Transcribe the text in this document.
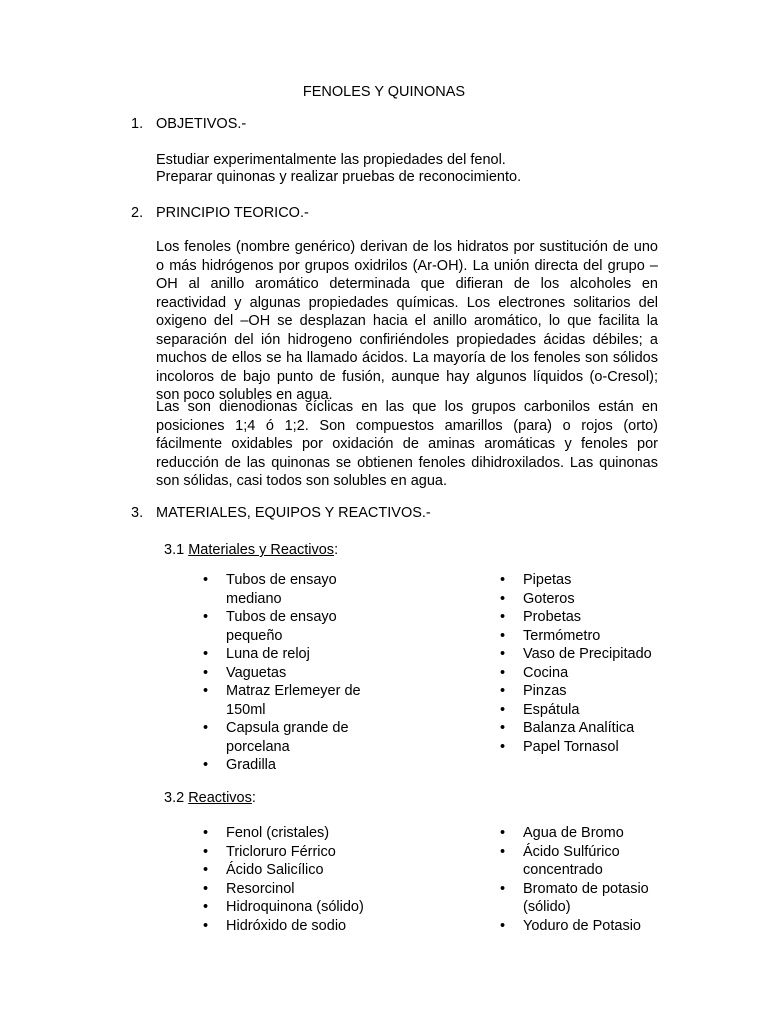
FENOLES Y QUINONAS
1. OBJETIVOS.-
Estudiar experimentalmente las propiedades del fenol.
Preparar quinonas y realizar pruebas de reconocimiento.
2. PRINCIPIO TEORICO.-
Los fenoles (nombre genérico) derivan de los hidratos por sustitución de uno o más hidrógenos por grupos oxidrilos (Ar-OH). La unión directa del grupo –OH al anillo aromático determinada que difieran de los alcoholes en reactividad y algunas propiedades químicas. Los electrones solitarios del oxigeno del –OH se desplazan hacia el anillo aromático, lo que facilita la separación del ión hidrogeno confiriéndoles propiedades ácidas débiles; a muchos de ellos se ha llamado ácidos. La mayoría de los fenoles son sólidos incoloros de bajo punto de fusión, aunque hay algunos líquidos (o-Cresol); son poco solubles en agua.
Las son dienodionas cíclicas en las que los grupos carbonilos están en posiciones 1;4 ó 1;2. Son compuestos amarillos (para) o rojos (orto) fácilmente oxidables por oxidación de aminas aromáticas y fenoles por reducción de las quinonas se obtienen fenoles dihidroxilados. Las quinonas son sólidas, casi todos son solubles en agua.
3. MATERIALES, EQUIPOS Y REACTIVOS.-
3.1 Materiales y Reactivos:
• Tubos de ensayo mediano
• Tubos de ensayo pequeño
• Luna de reloj
• Vaguetas
• Matraz Erlemeyer de 150ml
• Capsula grande de porcelana
• Gradilla
• Pipetas
• Goteros
• Probetas
• Termómetro
• Vaso de Precipitado
• Cocina
• Pinzas
• Espátula
• Balanza Analítica
• Papel Tornasol
3.2 Reactivos:
• Fenol (cristales)
• Tricloruro Férrico
• Ácido Salicílico
• Resorcinol
• Hidroquinona (sólido)
• Hidróxido de sodio
• Agua de Bromo
• Ácido Sulfúrico concentrado
• Bromato de potasio (sólido)
• Yoduro de Potasio
